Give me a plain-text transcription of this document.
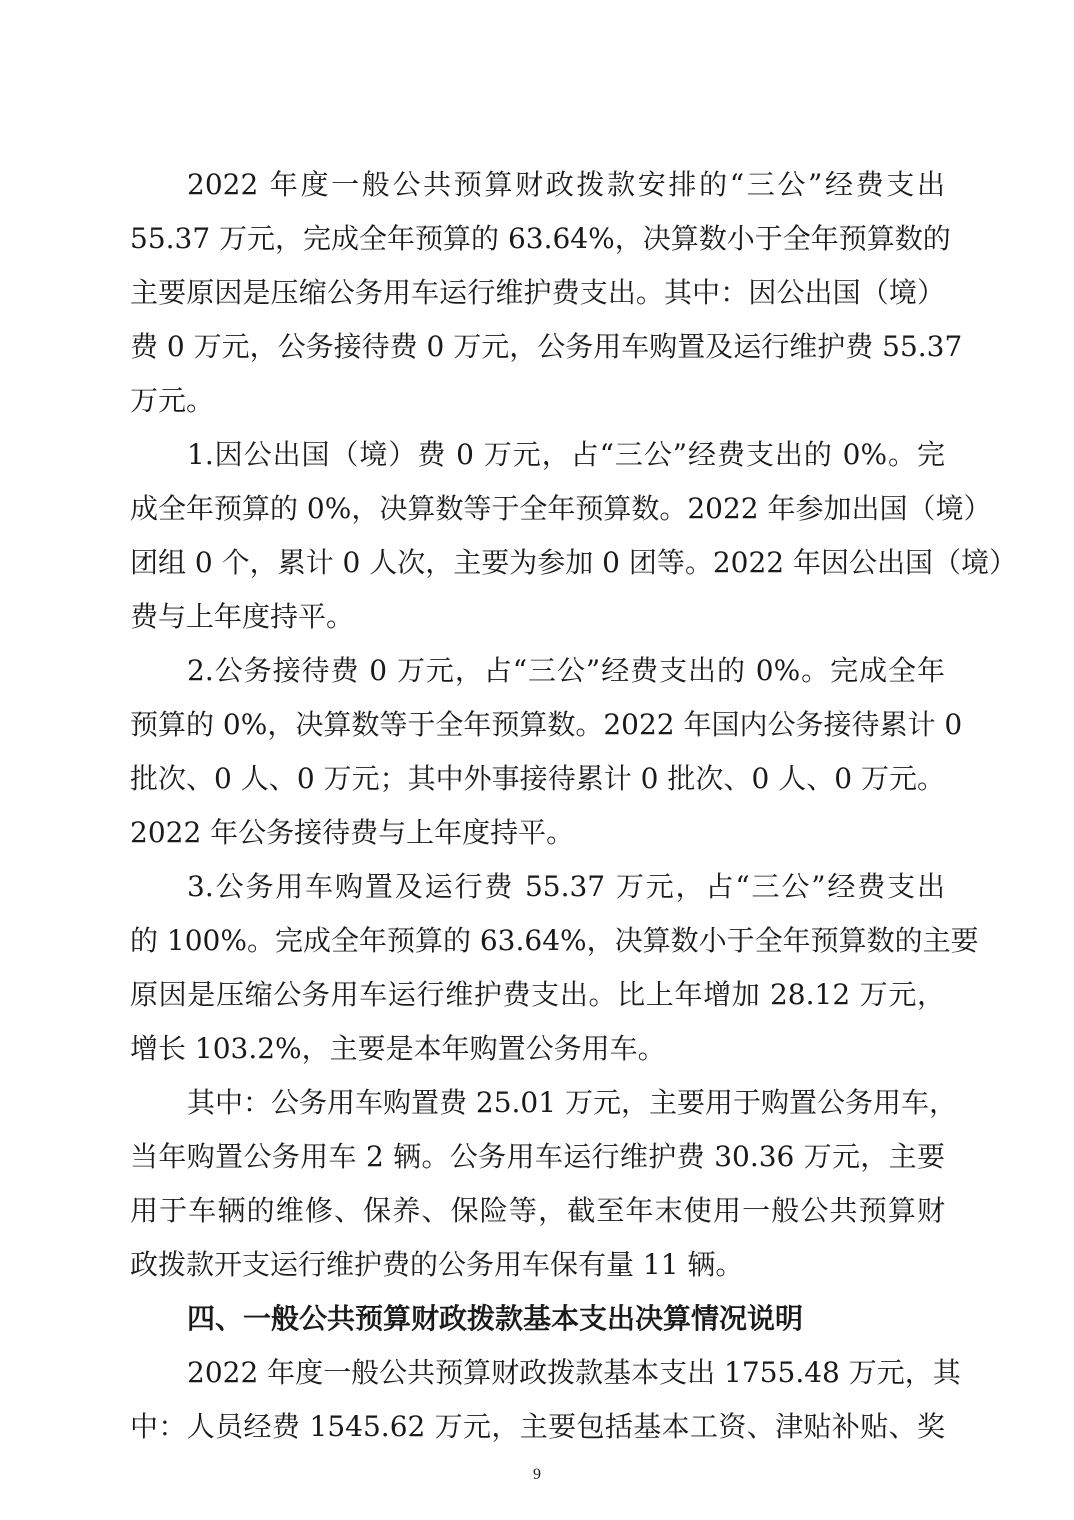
2022 年度一般公共预算财政拨款安排的“三公”经费支出
55.37 万元，完成全年预算的 63.64%，决算数小于全年预算数的
主要原因是压缩公务用车运行维护费支出。其中：因公出国（境）
费 0 万元，公务接待费 0 万元，公务用车购置及运行维护费 55.37
万元。
1.因公出国（境）费 0 万元，占“三公”经费支出的 0%。完
成全年预算的 0%，决算数等于全年预算数。2022 年参加出国（境）
团组 0 个，累计 0 人次，主要为参加 0 团等。2022 年因公出国（境）
费与上年度持平。
2.公务接待费 0 万元，占“三公”经费支出的 0%。完成全年
预算的 0%，决算数等于全年预算数。2022 年国内公务接待累计 0
批次、0 人、0 万元；其中外事接待累计 0 批次、0 人、0 万元。
2022 年公务接待费与上年度持平。
3.公务用车购置及运行费 55.37 万元，占“三公”经费支出
的 100%。完成全年预算的 63.64%，决算数小于全年预算数的主要
原因是压缩公务用车运行维护费支出。比上年增加 28.12 万元，
增长 103.2%，主要是本年购置公务用车。
其中：公务用车购置费 25.01 万元，主要用于购置公务用车，
当年购置公务用车 2 辆。公务用车运行维护费 30.36 万元，主要
用于车辆的维修、保养、保险等，截至年末使用一般公共预算财
政拨款开支运行维护费的公务用车保有量 11 辆。
四、一般公共预算财政拨款基本支出决算情况说明
2022 年度一般公共预算财政拨款基本支出 1755.48 万元，其
中：人员经费 1545.62 万元，主要包括基本工资、津贴补贴、奖
9
